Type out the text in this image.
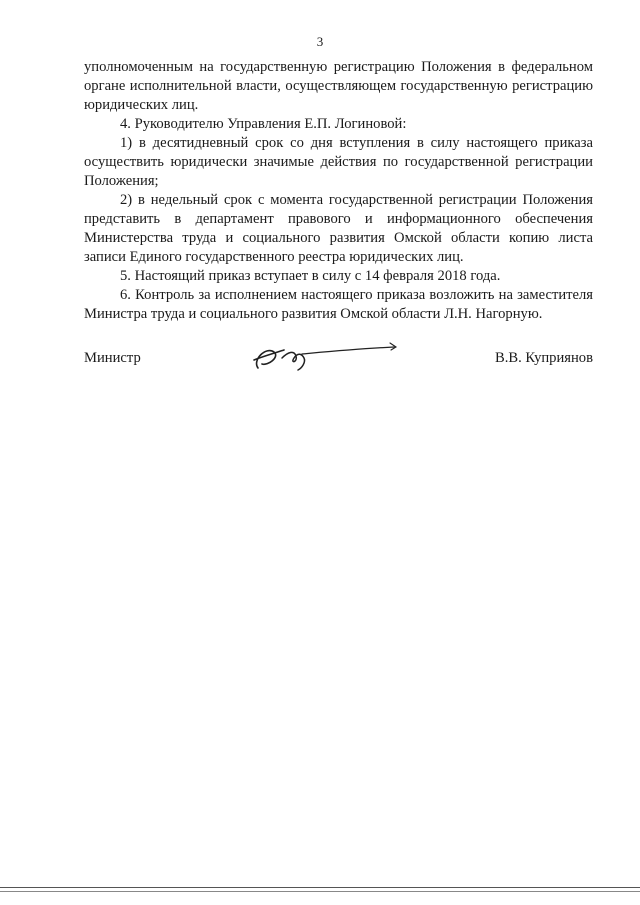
3

уполномоченным на государственную регистрацию Положения в федеральном органе исполнительной власти, осуществляющем государственную регистрацию юридических лиц.

4. Руководителю Управления Е.П. Логиновой:

1) в десятидневный срок со дня вступления в силу настоящего приказа осуществить юридически значимые действия по государственной регистрации Положения;

2) в недельный срок с момента государственной регистрации Положения представить в департамент правового и информационного обеспечения Министерства труда и социального развития Омской области копию листа записи Единого государственного реестра юридических лиц.

5. Настоящий приказ вступает в силу с 14 февраля 2018 года.

6. Контроль за исполнением настоящего приказа возложить на заместителя Министра труда и социального развития Омской области Л.Н. Нагорную.

Министр	В.В. Куприянов
